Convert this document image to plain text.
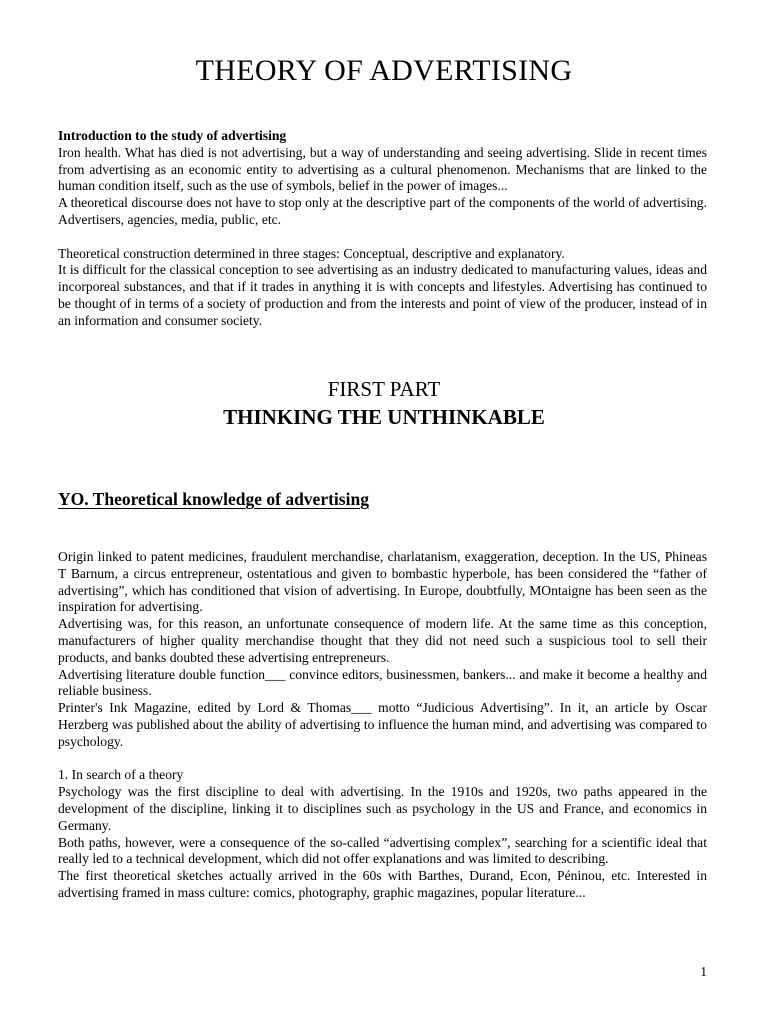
THEORY OF ADVERTISING

Introduction to the study of advertising

Iron health. What has died is not advertising, but a way of understanding and seeing advertising. Slide in recent times from advertising as an economic entity to advertising as a cultural phenomenon. Mechanisms that are linked to the human condition itself, such as the use of symbols, belief in the power of images...

A theoretical discourse does not have to stop only at the descriptive part of the components of the world of advertising. Advertisers, agencies, media, public, etc.

Theoretical construction determined in three stages: Conceptual, descriptive and explanatory.

It is difficult for the classical conception to see advertising as an industry dedicated to manufacturing values, ideas and incorporeal substances, and that if it trades in anything it is with concepts and lifestyles. Advertising has continued to be thought of in terms of a society of production and from the interests and point of view of the producer, instead of in an information and consumer society.

FIRST PART
THINKING THE UNTHINKABLE
YO. Theoretical knowledge of advertising

Origin linked to patent medicines, fraudulent merchandise, charlatanism, exaggeration, deception. In the US, Phineas T Barnum, a circus entrepreneur, ostentatious and given to bombastic hyperbole, has been considered the “father of advertising”, which has conditioned that vision of advertising. In Europe, doubtfully, MOntaigne has been seen as the inspiration for advertising.

Advertising was, for this reason, an unfortunate consequence of modern life. At the same time as this conception, manufacturers of higher quality merchandise thought that they did not need such a suspicious tool to sell their products, and banks doubted these advertising entrepreneurs.

Advertising literature double function___ convince editors, businessmen, bankers... and make it become a healthy and reliable business.

Printer's Ink Magazine, edited by Lord & Thomas___ motto “Judicious Advertising”. In it, an article by Oscar Herzberg was published about the ability of advertising to influence the human mind, and advertising was compared to psychology.

1. In search of a theory

Psychology was the first discipline to deal with advertising. In the 1910s and 1920s, two paths appeared in the development of the discipline, linking it to disciplines such as psychology in the US and France, and economics in Germany.

Both paths, however, were a consequence of the so-called “advertising complex”, searching for a scientific ideal that really led to a technical development, which did not offer explanations and was limited to describing.

The first theoretical sketches actually arrived in the 60s with Barthes, Durand, Econ, Péninou, etc. Interested in advertising framed in mass culture: comics, photography, graphic magazines, popular literature...

1
